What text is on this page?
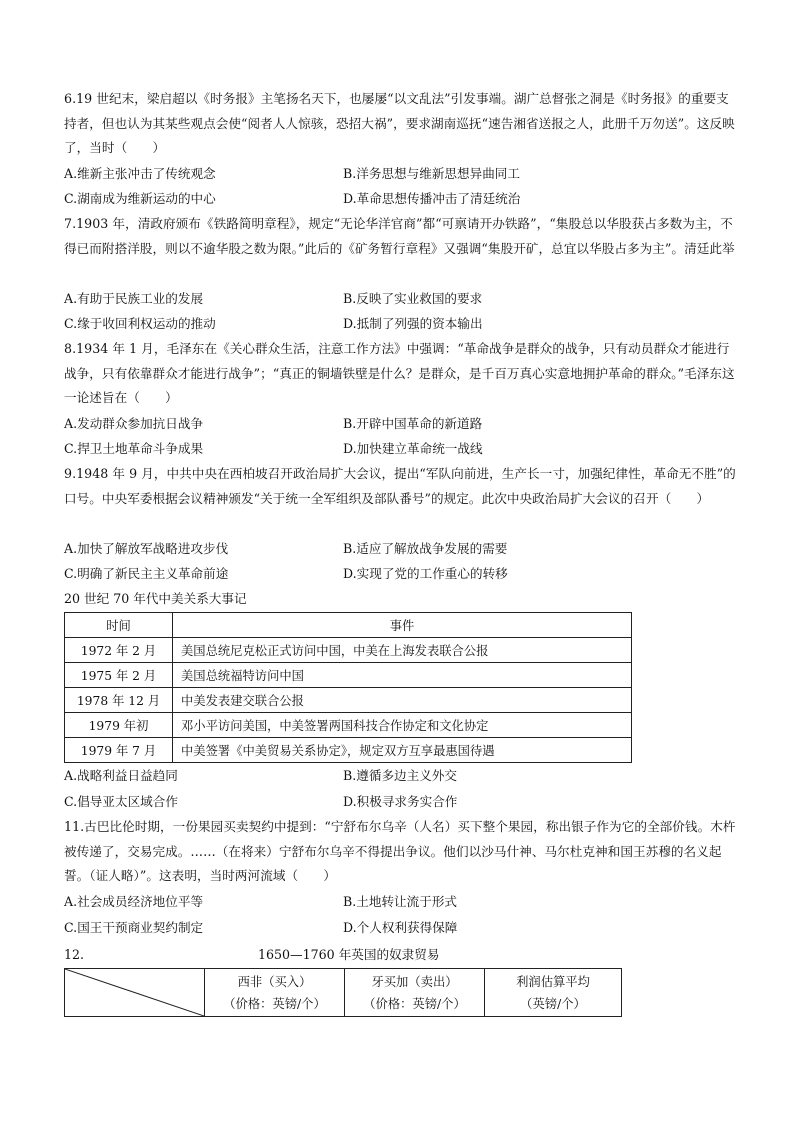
6.19 世纪末，梁启超以《时务报》主笔扬名天下，也屡屡“以文乱法”引发事端。湖广总督张之洞是《时务报》的重要支持者，但也认为其某些观点会使“阅者人人惊骇，恐招大祸”，要求湖南巡抚“速告湘省送报之人，此册千万勿送”。这反映了，当时（　　）
A.维新主张冲击了传统观念	B.洋务思想与维新思想异曲同工
C.湖南成为维新运动的中心	D.革命思想传播冲击了清廷统治
7.1903 年，清政府颁布《铁路简明章程》，规定“无论华洋官商”都“可禀请开办铁路”，“集股总以华股获占多数为主，不得已而附搭洋股，则以不逾华股之数为限。”此后的《矿务暂行章程》又强调“集股开矿，总宜以华股占多为主”。清廷此举
A.有助于民族工业的发展	B.反映了实业救国的要求
C.缘于收回利权运动的推动	D.抵制了列强的资本输出
8.1934 年 1 月，毛泽东在《关心群众生活，注意工作方法》中强调：“革命战争是群众的战争，只有动员群众才能进行战争，只有依靠群众才能进行战争”；“真正的铜墙铁壁是什么？是群众，是千百万真心实意地拥护革命的群众。”毛泽东这一论述旨在（　　）
A.发动群众参加抗日战争	B.开辟中国革命的新道路
C.捍卫土地革命斗争成果	D.加快建立革命统一战线
9.1948 年 9 月，中共中央在西柏坡召开政治局扩大会议，提出“军队向前进，生产长一寸，加强纪律性，革命无不胜”的口号。中央军委根据会议精神颁发“关于统一全军组织及部队番号”的规定。此次中央政治局扩大会议的召开（　　）
A.加快了解放军战略进攻步伐	B.适应了解放战争发展的需要
C.明确了新民主主义革命前途	D.实现了党的工作重心的转移
20 世纪 70 年代中美关系大事记
时间	事件
1972 年 2 月	美国总统尼克松正式访问中国，中美在上海发表联合公报
1975 年 2 月	美国总统福特访问中国
1978 年 12 月	中美发表建交联合公报
1979 年初	邓小平访问美国，中美签署两国科技合作协定和文化协定
1979 年 7 月	中美签署《中美贸易关系协定》，规定双方互享最惠国待遇
A.战略利益日益趋同	B.遵循多边主义外交
C.倡导亚太区域合作	D.积极寻求务实合作
11.古巴比伦时期，一份果园买卖契约中提到：“宁舒布尔乌辛（人名）买下整个果园，称出银子作为它的全部价钱。木杵被传递了，交易完成。……（在将来）宁舒布尔乌辛不得提出争议。他们以沙马什神、马尔杜克神和国王苏穆的名义起誓。（证人略）”。这表明，当时两河流域（　　）
A.社会成员经济地位平等	B.土地转让流于形式
C.国王干预商业契约制定	D.个人权利获得保障
12.	1650—1760 年英国的奴隶贸易

西非（买入）
（价格：英镑/个）

牙买加（卖出）
（价格：英镑/个）

利润估算平均
（英镑/个）
